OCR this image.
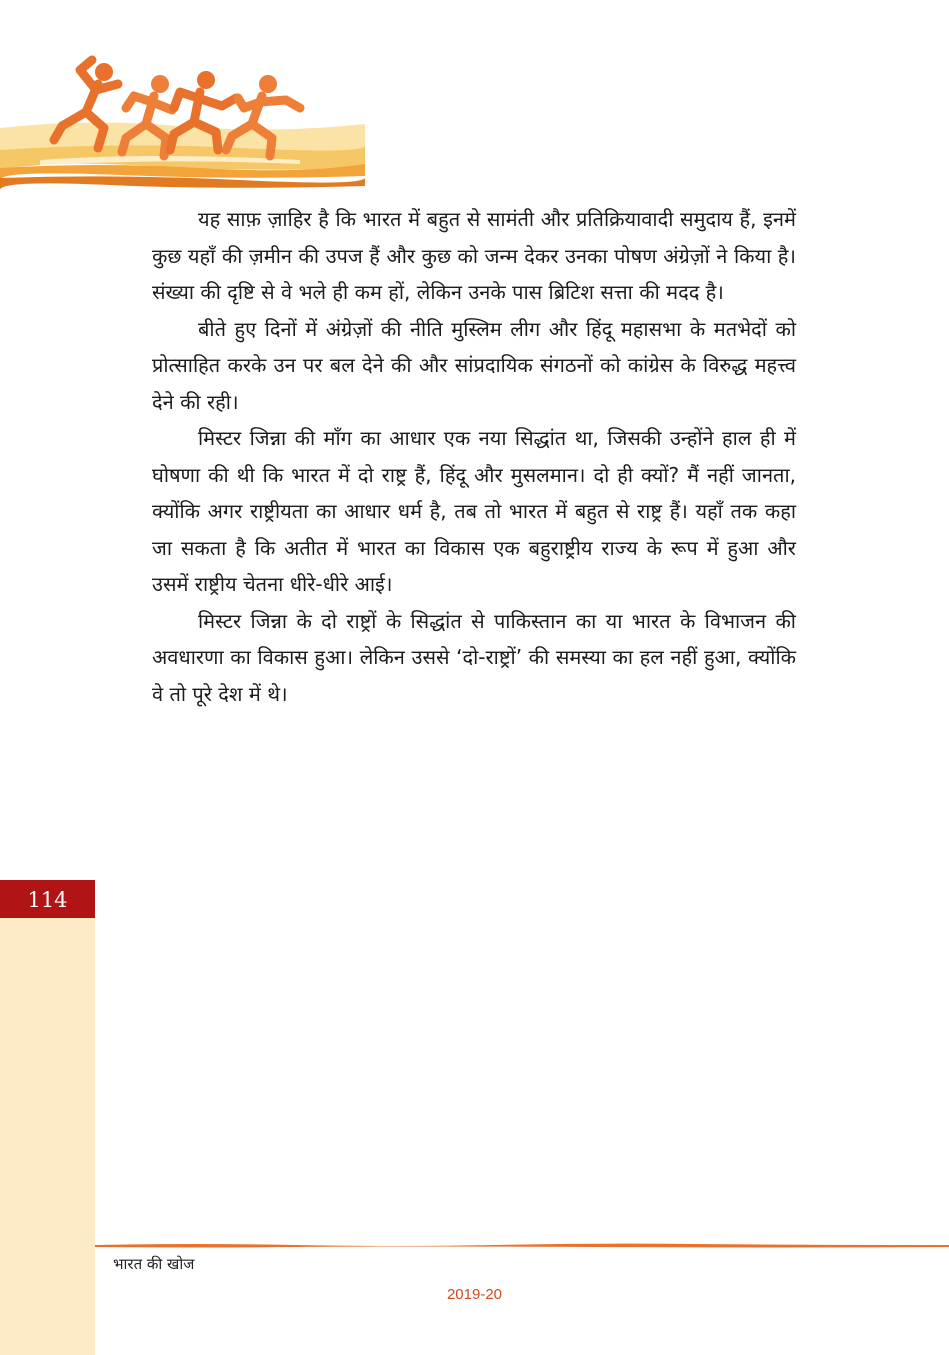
यह साफ़ ज़ाहिर है कि भारत में बहुत से सामंती और प्रतिक्रियावादी समुदाय हैं, इनमें कुछ यहाँ की ज़मीन की उपज हैं और कुछ को जन्म देकर उनका पोषण अंग्रेज़ों ने किया है। संख्या की दृष्टि से वे भले ही कम हों, लेकिन उनके पास ब्रिटिश सत्ता की मदद है।

बीते हुए दिनों में अंग्रेज़ों की नीति मुस्लिम लीग और हिंदू महासभा के मतभेदों को प्रोत्साहित करके उन पर बल देने की और सांप्रदायिक संगठनों को कांग्रेस के विरुद्ध महत्त्व देने की रही।

मिस्टर जिन्ना की माँग का आधार एक नया सिद्धांत था, जिसकी उन्होंने हाल ही में घोषणा की थी कि भारत में दो राष्ट्र हैं, हिंदू और मुसलमान। दो ही क्यों? मैं नहीं जानता, क्योंकि अगर राष्ट्रीयता का आधार धर्म है, तब तो भारत में बहुत से राष्ट्र हैं। यहाँ तक कहा जा सकता है कि अतीत में भारत का विकास एक बहुराष्ट्रीय राज्य के रूप में हुआ और उसमें राष्ट्रीय चेतना धीरे-धीरे आई।

मिस्टर जिन्ना के दो राष्ट्रों के सिद्धांत से पाकिस्तान का या भारत के विभाजन की अवधारणा का विकास हुआ। लेकिन उससे ‘दो-राष्ट्रों’ की समस्या का हल नहीं हुआ, क्योंकि वे तो पूरे देश में थे।

114
भारत की खोज
2019-20
